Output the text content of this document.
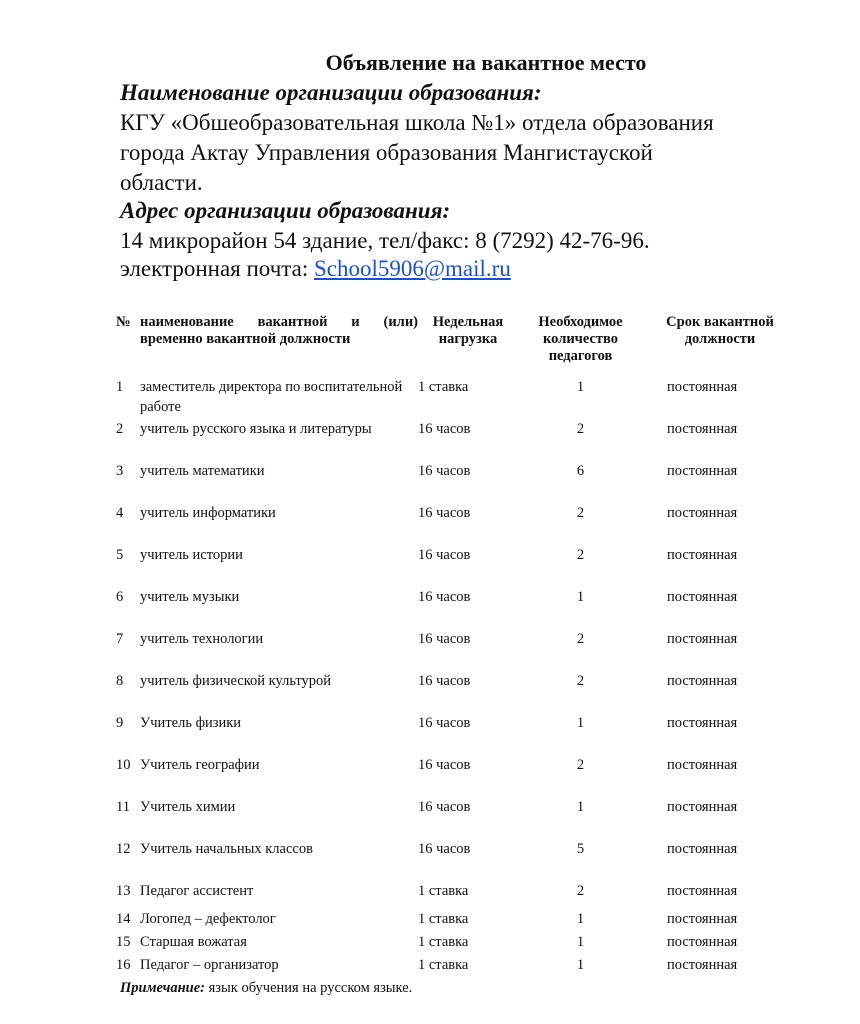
Объявление на вакантное место
Наименование организации образования:
КГУ «Обшеобразовательная школа №1» отдела образования
города Актау Управления образования Мангистауской
области.
Адрес организации образования:
14 микрорайон 54 здание, тел/факс: 8 (7292) 42-76-96.
электронная почта: School5906@mail.ru
№	наименование вакантной и (или) временно вакантной должности	Недельная нагрузка	Необходимое количество педагогов	Срок вакантной должности

1	заместитель директора по воспитательной работе	1 ставка	1	постоянная
2	учитель русского языка и литературы	16 часов	2	постоянная
3	учитель математики	16 часов	6	постоянная
4	учитель информатики	16 часов	2	постоянная
5	учитель истории	16 часов	2	постоянная
6	учитель музыки	16 часов	1	постоянная
7	учитель технологии	16 часов	2	постоянная
8	учитель физической культурой	16 часов	2	постоянная
9	Учитель физики	16 часов	1	постоянная
10	Учитель географии	16 часов	2	постоянная
11	Учитель химии	16 часов	1	постоянная
12	Учитель начальных классов	16 часов	5	постоянная
13	Педагог ассистент	1 ставка	2	постоянная
14	Логопед – дефектолог	1 ставка	1	постоянная
15	Старшая вожатая	1 ставка	1	постоянная
16	Педагог – организатор	1 ставка	1	постоянная
Примечание: язык обучения на русском языке.
